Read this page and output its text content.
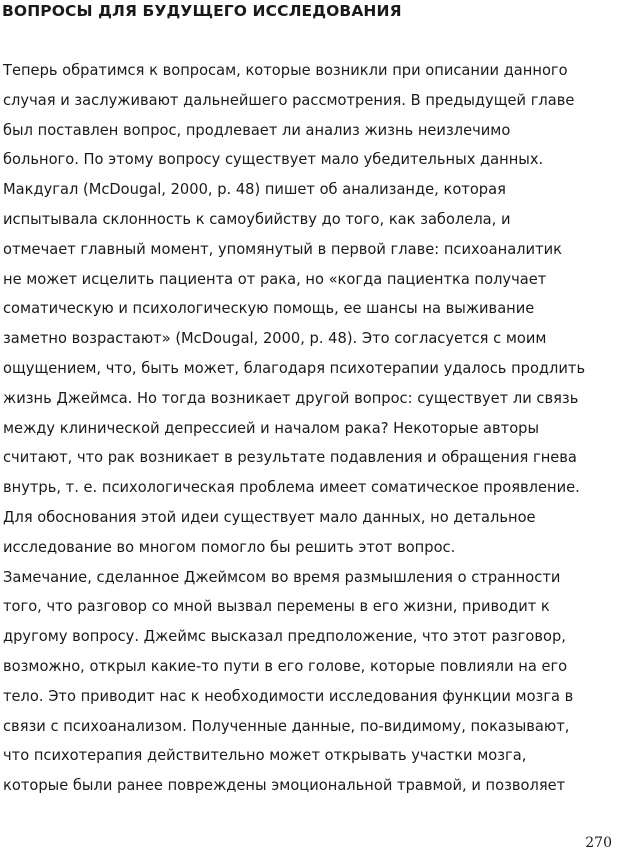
ВОПРОСЫ ДЛЯ БУДУЩЕГО ИССЛЕДОВАНИЯ
Теперь обратимся к вопросам, которые возникли при описании данного
случая и заслуживают дальнейшего рассмотрения. В предыдущей главе
был поставлен вопрос, продлевает ли анализ жизнь неизлечимо
больного. По этому вопросу существует мало убедительных данных.
Макдугал (McDougal, 2000, p. 48) пишет об анализанде, которая
испытывала склонность к самоубийству до того, как заболела, и
отмечает главный момент, упомянутый в первой главе: психоаналитик
не может исцелить пациента от рака, но «когда пациентка получает
соматическую и психологическую помощь, ее шансы на выживание
заметно возрастают» (McDougal, 2000, p. 48). Это согласуется с моим
ощущением, что, быть может, благодаря психотерапии удалось продлить
жизнь Джеймса. Но тогда возникает другой вопрос: существует ли связь
между клинической депрессией и началом рака? Некоторые авторы
считают, что рак возникает в результате подавления и обращения гнева
внутрь, т. е. психологическая проблема имеет соматическое проявление.
Для обоснования этой идеи существует мало данных, но детальное
исследование во многом помогло бы решить этот вопрос.
Замечание, сделанное Джеймсом во время размышления о странности
того, что разговор со мной вызвал перемены в его жизни, приводит к
другому вопросу. Джеймс высказал предположение, что этот разговор,
возможно, открыл какие-то пути в его голове, которые повлияли на его
тело. Это приводит нас к необходимости исследования функции мозга в
связи с психоанализом. Полученные данные, по-видимому, показывают,
что психотерапия действительно может открывать участки мозга,
которые были ранее повреждены эмоциональной травмой, и позволяет
270
